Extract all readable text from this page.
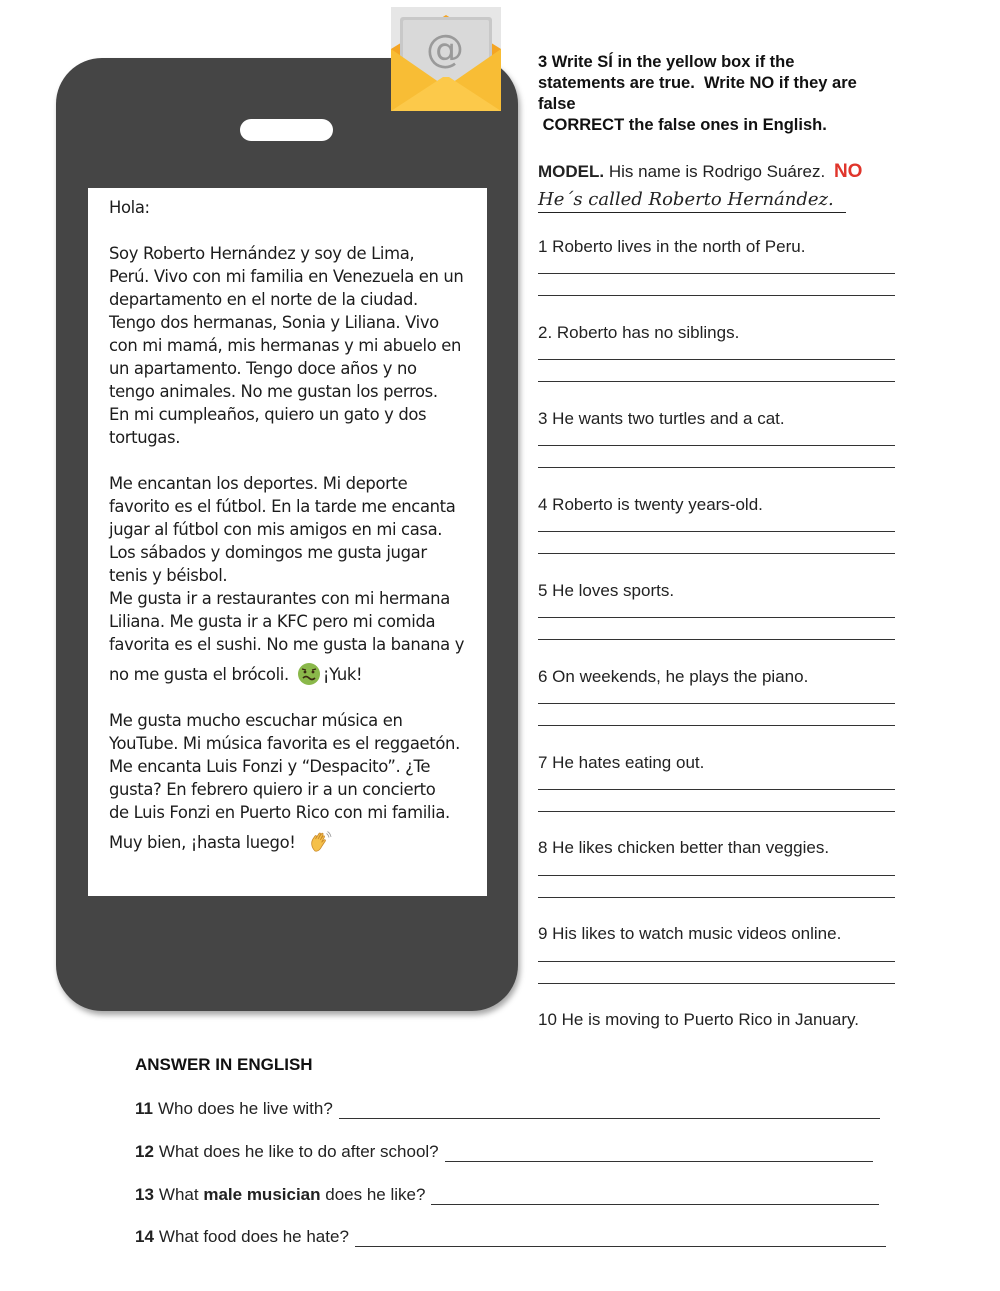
Hola:

Soy Roberto Hernández y soy de Lima,
Perú. Vivo con mi familia en Venezuela en un
departamento en el norte de la ciudad.
Tengo dos hermanas, Sonia y Liliana. Vivo
con mi mamá, mis hermanas y mi abuelo en
un apartamento. Tengo doce años y no
tengo animales. No me gustan los perros.
En mi cumpleaños, quiero un gato y dos
tortugas.

Me encantan los deportes. Mi deporte
favorito es el fútbol. En la tarde me encanta
jugar al fútbol con mis amigos en mi casa.
Los sábados y domingos me gusta jugar
tenis y béisbol.
Me gusta ir a restaurantes con mi hermana
Liliana. Me gusta ir a KFC pero mi comida
favorita es el sushi. No me gusta la banana y

no me gusta el brócoli. ¡Yuk!

Me gusta mucho escuchar música en
YouTube. Mi música favorita es el reggaetón.
Me encanta Luis Fonzi y “Despacito”. ¿Te
gusta? En febrero quiero ir a un concierto
de Luis Fonzi en Puerto Rico con mi familia.

Muy bien, ¡hasta luego!

@	3 Write SÍ in the yellow box if the
statements are true.  Write NO if they are
false
CORRECT the false ones in English.
MODEL. His name is Rodrigo Suárez. NO
He´s called Roberto Hernández.
1 Roberto lives in the north of Peru.
2. Roberto has no siblings.
3 He wants two turtles and a cat.
4 Roberto is twenty years-old.
5 He loves sports.
6 On weekends, he plays the piano.
7 He hates eating out.
8 He likes chicken better than veggies.
9 His likes to watch music videos online.
10 He is moving to Puerto Rico in January.
ANSWER IN ENGLISH
11 Who does he live with?
12 What does he like to do after school?
13 What
male musician
does he like?
14 What food does he hate?
